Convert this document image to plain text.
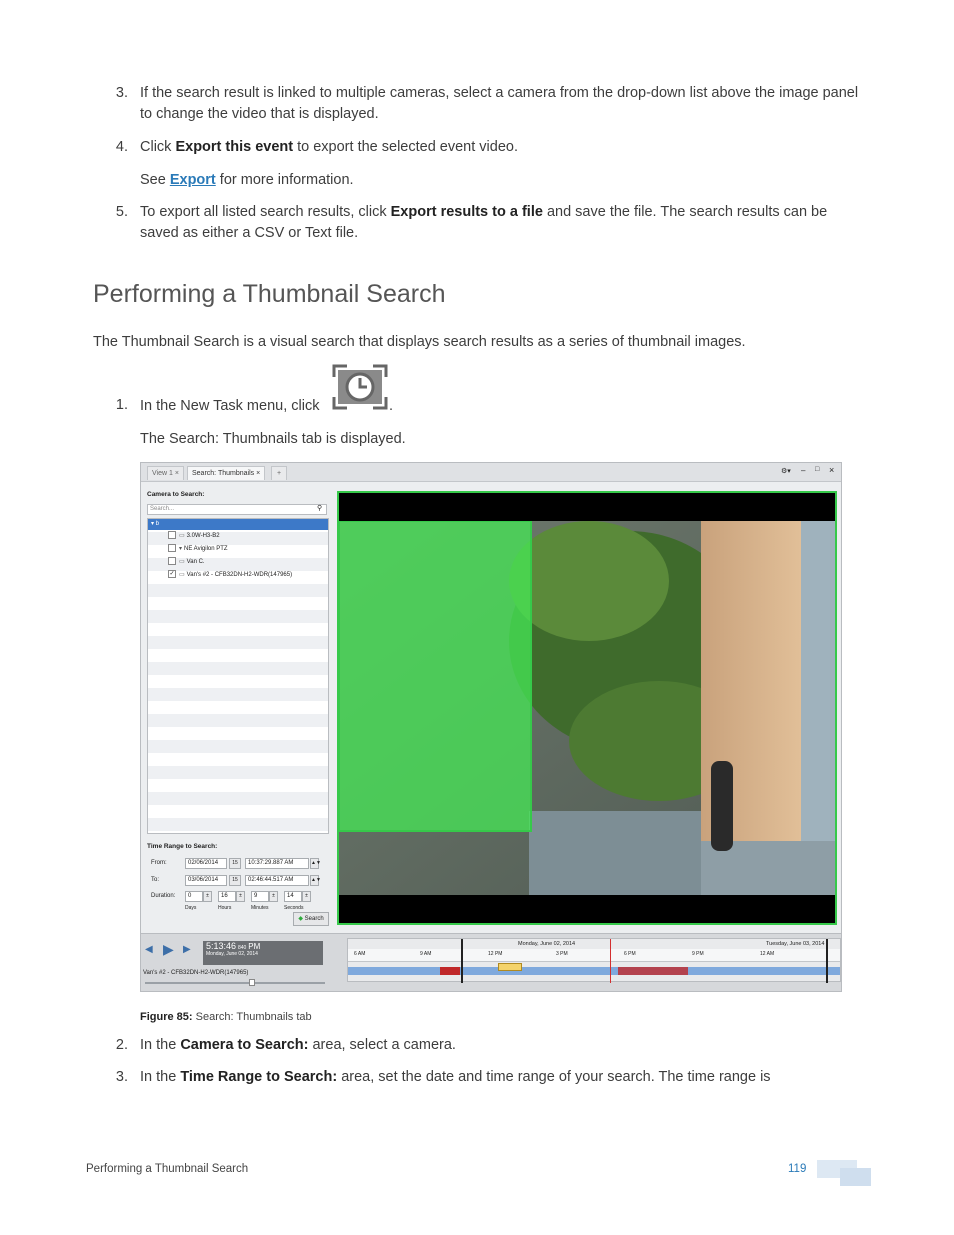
3. If the search result is linked to multiple cameras, select a camera from the drop-down list above the image panel to change the video that is displayed.
4. Click Export this event to export the selected event video.
See Export for more information.
5. To export all listed search results, click Export results to a file and save the file. The search results can be saved as either a CSV or Text file.
Performing a Thumbnail Search
The Thumbnail Search is a visual search that displays search results as a series of thumbnail images.
1. In the New Task menu, click	.
The Search: Thumbnails tab is displayed.
View 1 ×	Search: Thumbnails ×	+	⚙▾ – □ ×
Camera to Search:
Search...	⚲
▾ b
▭ 3.0W-H3-B2
▾ NE Avigilon PTZ
▭ Van C.
✓ ▭ Van's #2 - CFB32DN-H2-WDR(147965)
Time Range to Search:
From:	02/06/2014	15	10:37:29.887 AM	▲▼
To:	03/06/2014	15	02:46:44.517 AM	▲▼
Duration:	0	±	16	±	9	±	14	±
Days	Hours	Minutes	Seconds
◆ Search
◀ ▶ ▶	5:13:46 840 PM
Monday, June 02, 2014
Van's #2 - CFB32DN-H2-WDR(147965)
Monday, June 02, 2014	Tuesday, June 03, 2014
6 AM	9 AM	12 PM	3 PM	6 PM	9 PM	12 AM
Figure 85: Search: Thumbnails tab
2. In the Camera to Search: area, select a camera.
3. In the Time Range to Search: area, set the date and time range of your search. The time range is
Performing a Thumbnail Search	119
